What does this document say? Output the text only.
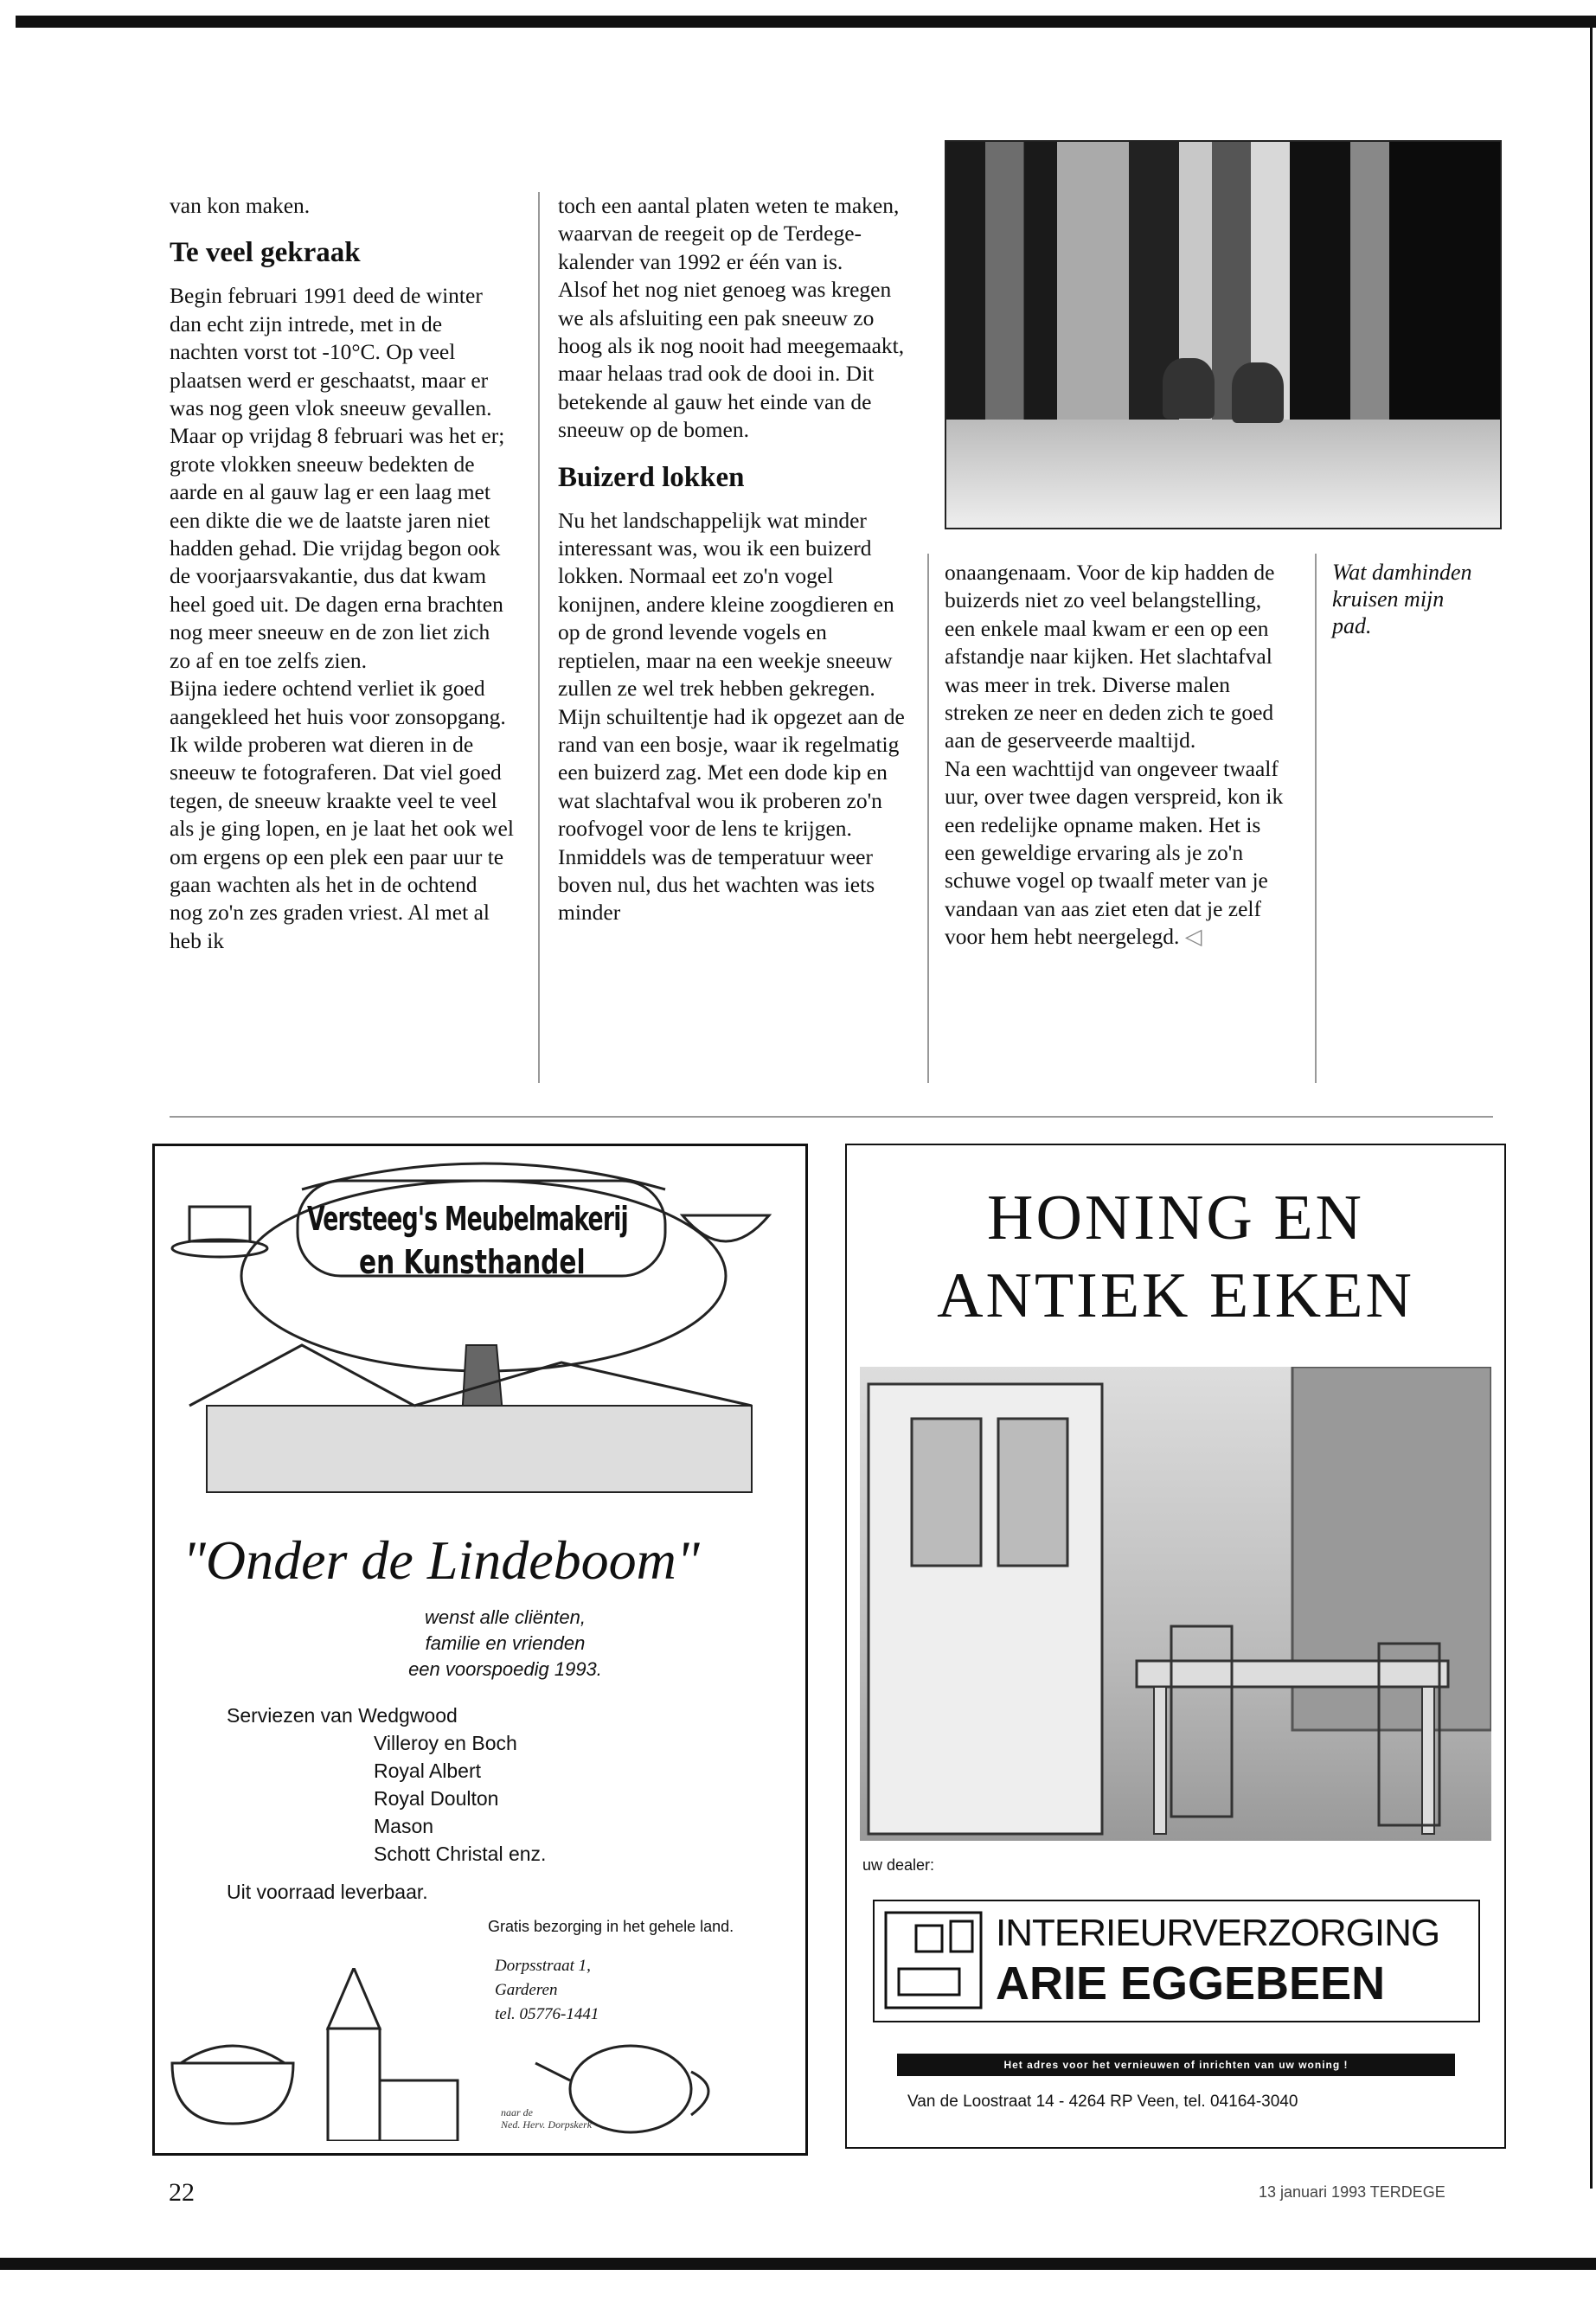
van kon maken.

Te veel gekraak

Begin februari 1991 deed de winter dan echt zijn intrede, met in de nachten vorst tot -10°C. Op veel plaatsen werd er geschaatst, maar er was nog geen vlok sneeuw gevallen.

Maar op vrijdag 8 februari was het er; grote vlokken sneeuw bedekten de aarde en al gauw lag er een laag met een dikte die we de laatste jaren niet hadden gehad. Die vrijdag begon ook de voorjaarsvakantie, dus dat kwam heel goed uit. De dagen erna brachten nog meer sneeuw en de zon liet zich zo af en toe zelfs zien.

Bijna iedere ochtend verliet ik goed aangekleed het huis voor zonsopgang. Ik wilde proberen wat dieren in de sneeuw te fotograferen. Dat viel goed tegen, de sneeuw kraakte veel te veel als je ging lopen, en je laat het ook wel om ergens op een plek een paar uur te gaan wachten als het in de ochtend nog zo'n zes graden vriest. Al met al heb ik

toch een aantal platen weten te maken, waarvan de reegeit op de Terdege-kalender van 1992 er één van is.

Alsof het nog niet genoeg was kregen we als afsluiting een pak sneeuw zo hoog als ik nog nooit had meegemaakt, maar helaas trad ook de dooi in. Dit betekende al gauw het einde van de sneeuw op de bomen.

Buizerd lokken

Nu het landschappelijk wat minder interessant was, wou ik een buizerd lokken. Normaal eet zo'n vogel konijnen, andere kleine zoogdieren en op de grond levende vogels en reptielen, maar na een weekje sneeuw zullen ze wel trek hebben gekregen.

Mijn schuiltentje had ik opgezet aan de rand van een bosje, waar ik regelmatig een buizerd zag. Met een dode kip en wat slachtafval wou ik proberen zo'n roofvogel voor de lens te krijgen. Inmiddels was de temperatuur weer boven nul, dus het wachten was iets minder

onaangenaam. Voor de kip hadden de buizerds niet zo veel belangstelling, een enkele maal kwam er een op een afstandje naar kijken. Het slachtafval was meer in trek. Diverse malen streken ze neer en deden zich te goed aan de geserveerde maaltijd.

Na een wachttijd van ongeveer twaalf uur, over twee dagen verspreid, kon ik een redelijke opname maken. Het is een geweldige ervaring als je zo'n schuwe vogel op twaalf meter van je vandaan van aas ziet eten dat je zelf voor hem hebt neergelegd. ◁

Wat damhinden kruisen mijn pad.
Versteeg's Meubelmakerij
en Kunsthandel
"Onder de Lindeboom"
wenst alle cliënten,
familie en vrienden
een voorspoedig 1993.
Serviezen van Wedgwood
Villeroy en Boch
Royal Albert
Royal Doulton
Mason
Schott Christal enz.
Uit voorraad leverbaar.
Gratis bezorging in het gehele land.
Dorpsstraat 1,
Garderen
tel. 05776-1441
naar de
Ned. Herv. Dorpskerk
HONING EN
ANTIEK EIKEN
uw dealer:
INTERIEURVERZORGING
ARIE EGGEBEEN
Het adres voor het vernieuwen of inrichten van uw woning !
Van de Loostraat 14 - 4264 RP Veen, tel. 04164-3040
22	13 januari 1993 TERDEGE
